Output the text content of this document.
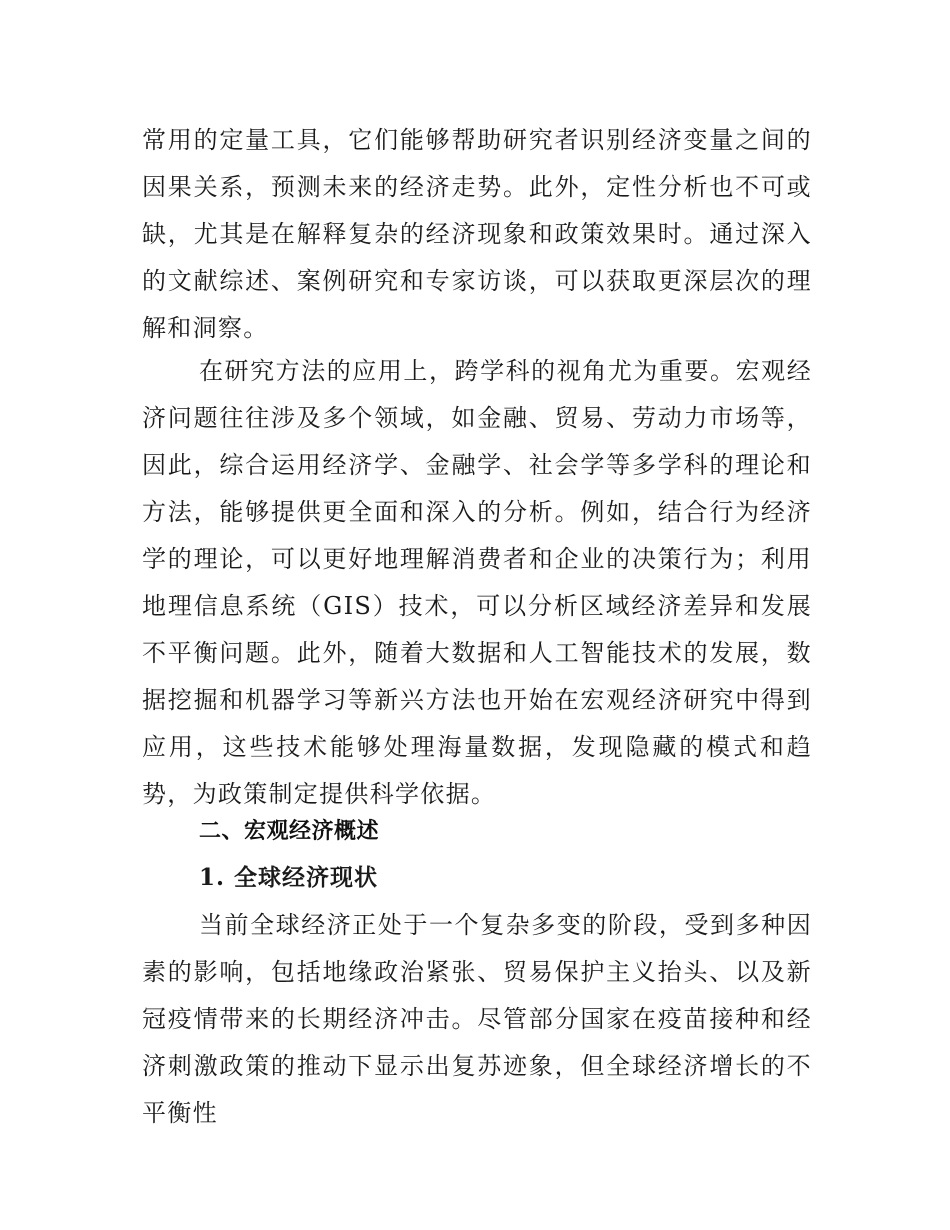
常用的定量工具，它们能够帮助研究者识别经济变量之间的因果关系，预测未来的经济走势。此外，定性分析也不可或缺，尤其是在解释复杂的经济现象和政策效果时。通过深入的文献综述、案例研究和专家访谈，可以获取更深层次的理解和洞察。

在研究方法的应用上，跨学科的视角尤为重要。宏观经济问题往往涉及多个领域，如金融、贸易、劳动力市场等，因此，综合运用经济学、金融学、社会学等多学科的理论和方法，能够提供更全面和深入的分析。例如，结合行为经济学的理论，可以更好地理解消费者和企业的决策行为；利用地理信息系统（GIS）技术，可以分析区域经济差异和发展不平衡问题。此外，随着大数据和人工智能技术的发展，数据挖掘和机器学习等新兴方法也开始在宏观经济研究中得到应用，这些技术能够处理海量数据，发现隐藏的模式和趋势，为政策制定提供科学依据。

二、宏观经济概述
1. 全球经济现状

当前全球经济正处于一个复杂多变的阶段，受到多种因素的影响，包括地缘政治紧张、贸易保护主义抬头、以及新冠疫情带来的长期经济冲击。尽管部分国家在疫苗接种和经济刺激政策的推动下显示出复苏迹象，但全球经济增长的不平衡性
